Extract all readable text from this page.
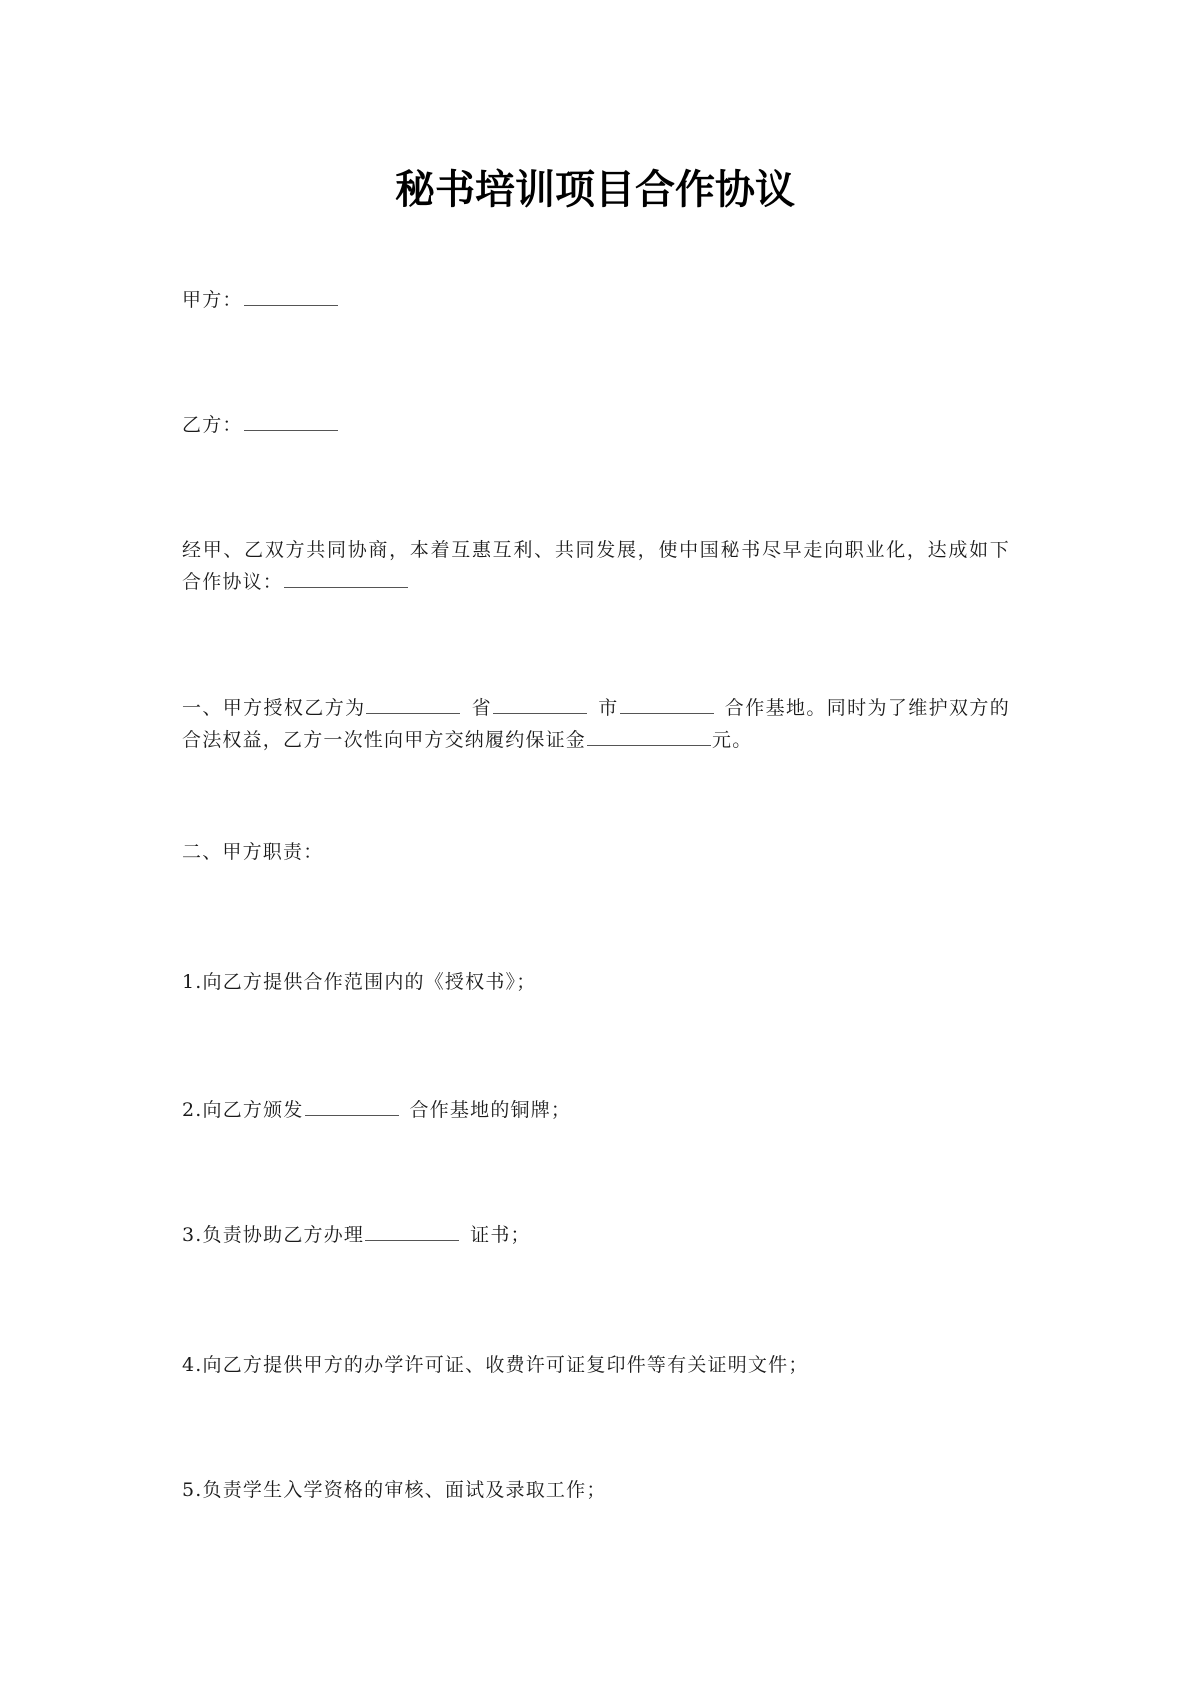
秘书培训项目合作协议

甲方：

乙方：

经甲、乙双方共同协商，本着互惠互利、共同发展，使中国秘书尽早走向职业化，达成如下合作协议：

一、甲方授权乙方为	省	市	合作基地。同时为了维护双方的合法权益，乙方一次性向甲方交纳履约保证金	元。

二、甲方职责：

1.向乙方提供合作范围内的《授权书》；

2.向乙方颁发	合作基地的铜牌；

3.负责协助乙方办理	证书；

4.向乙方提供甲方的办学许可证、收费许可证复印件等有关证明文件；

5.负责学生入学资格的审核、面试及录取工作；
